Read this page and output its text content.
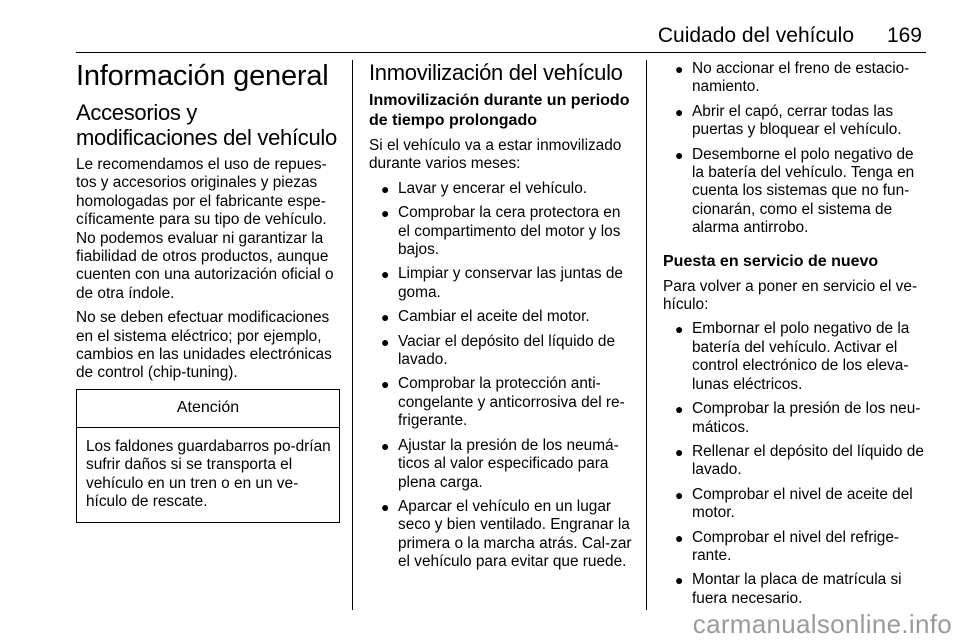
Cuidado del vehículo 169
Información general
Accesorios y modificaciones del vehículo

Le recomendamos el uso de repues-tos y accesorios originales y piezas homologadas por el fabricante espe-cíficamente para su tipo de vehículo. No podemos evaluar ni garantizar la fiabilidad de otros productos, aunque cuenten con una autorización oficial o de otra índole.

No se deben efectuar modificaciones en el sistema eléctrico; por ejemplo, cambios en las unidades electrónicas de control (chip-tuning).

Atención
Los faldones guardabarros po-drían sufrir daños si se transporta el vehículo en un tren o en un ve-hículo de rescate.
Inmovilización del vehículo
Inmovilización durante un periodo de tiempo prolongado

Si el vehículo va a estar inmovilizado durante varios meses:

● Lavar y encerar el vehículo.
● Comprobar la cera protectora en el compartimento del motor y los bajos.
● Limpiar y conservar las juntas de goma.
● Cambiar el aceite del motor.
● Vaciar el depósito del líquido de lavado.
● Comprobar la protección anti-congelante y anticorrosiva del re-frigerante.
● Ajustar la presión de los neumá-ticos al valor especificado para plena carga.
● Aparcar el vehículo en un lugar seco y bien ventilado. Engranar la primera o la marcha atrás. Cal-zar el vehículo para evitar que ruede.
● No accionar el freno de estacio-namiento.
● Abrir el capó, cerrar todas las puertas y bloquear el vehículo.
● Desemborne el polo negativo de la batería del vehículo. Tenga en cuenta los sistemas que no fun-cionarán, como el sistema de alarma antirrobo.
Puesta en servicio de nuevo

Para volver a poner en servicio el ve-hículo:

● Embornar el polo negativo de la batería del vehículo. Activar el control electrónico de los eleva-lunas eléctricos.
● Comprobar la presión de los neu-máticos.
● Rellenar el depósito del líquido de lavado.
● Comprobar el nivel de aceite del motor.
● Comprobar el nivel del refrige-rante.
● Montar la placa de matrícula si fuera necesario.
carmanualsonline.info
